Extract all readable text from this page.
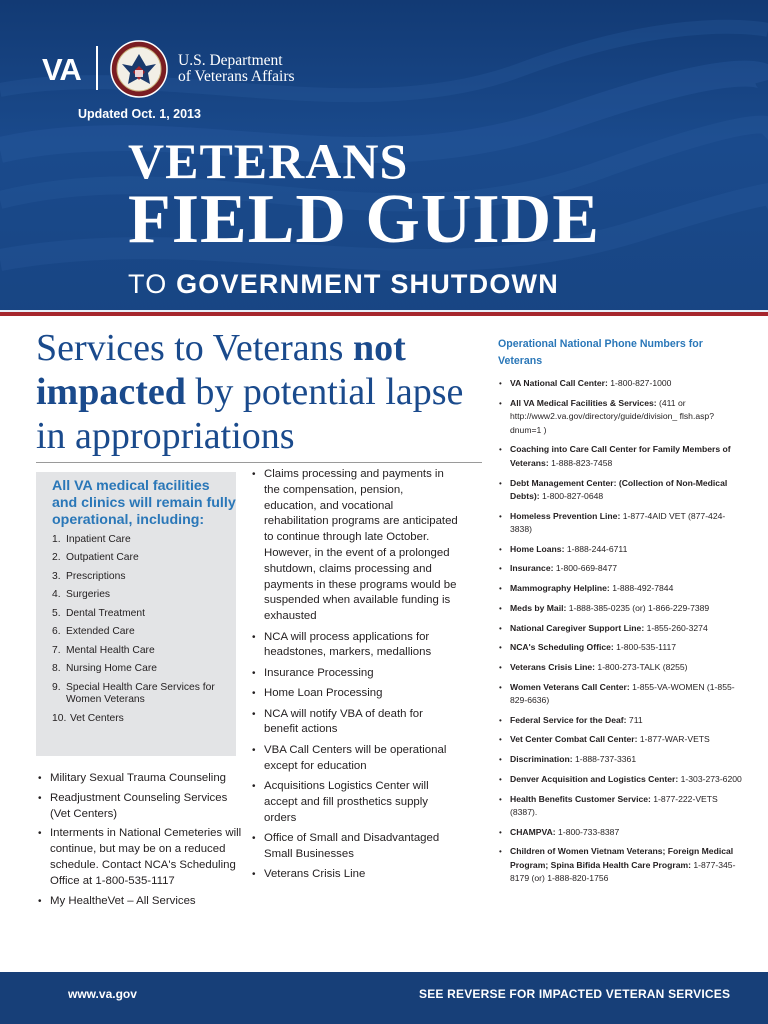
VA	U.S. Department
of Veterans Affairs
Updated Oct. 1, 2013
VETERANS
FIELD GUIDE
TO GOVERNMENT SHUTDOWN
Services to Veterans not
impacted by potential lapse in appropriations
All VA medical facilities and clinics will remain fully operational, including:
1. Inpatient Care
2. Outpatient Care
3. Prescriptions
4. Surgeries
5. Dental Treatment
6. Extended Care
7. Mental Health Care
8. Nursing Home Care
9. Special Health Care Services for Women Veterans
10. Vet Centers
• Military Sexual Trauma Counseling
• Readjustment Counseling Services (Vet Centers)
• Interments in National Cemeteries will continue, but may be on a reduced schedule. Contact NCA's Scheduling Office at 1-800-535-1117
• My HealtheVet – All Services
• Claims processing and payments in the compensation, pension, education, and vocational rehabilitation programs are anticipated to continue through late October. However, in the event of a prolonged shutdown, claims processing and payments in these programs would be suspended when available funding is exhausted
• NCA will process applications for headstones, markers, medallions
• Insurance Processing
• Home Loan Processing
• NCA will notify VBA of death for benefit actions
• VBA Call Centers will be operational except for education
• Acquisitions Logistics Center will accept and fill prosthetics supply orders
• Office of Small and Disadvantaged Small Businesses
• Veterans Crisis Line
Operational National Phone Numbers for Veterans
• VA National Call Center: 1-800-827-1000
• All VA Medical Facilities & Services: (411 or http://www2.va.gov/directory/guide/division_ flsh.asp?dnum=1 )
• Coaching into Care Call Center for Family Members of Veterans: 1-888-823-7458
• Debt Management Center: (Collection of Non-Medical Debts): 1-800-827-0648
• Homeless Prevention Line: 1-877-4AID VET (877-424-3838)
• Home Loans: 1-888-244-6711
• Insurance: 1-800-669-8477
• Mammography Helpline: 1-888-492-7844
• Meds by Mail: 1-888-385-0235 (or) 1-866-229-7389
• National Caregiver Support Line: 1-855-260-3274
• NCA's Scheduling Office: 1-800-535-1117
• Veterans Crisis Line: 1-800-273-TALK (8255)
• Women Veterans Call Center: 1-855-VA-WOMEN (1-855-829-6636)
• Federal Service for the Deaf: 711
• Vet Center Combat Call Center: 1-877-WAR-VETS
• Discrimination: 1-888-737-3361
• Denver Acquisition and Logistics Center: 1-303-273-6200
• Health Benefits Customer Service: 1-877-222-VETS (8387).
• CHAMPVA: 1-800-733-8387
• Children of Women Vietnam Veterans; Foreign Medical Program; Spina Bifida Health Care Program: 1-877-345-8179 (or) 1-888-820-1756
www.va.gov	SEE REVERSE FOR IMPACTED VETERAN SERVICES
